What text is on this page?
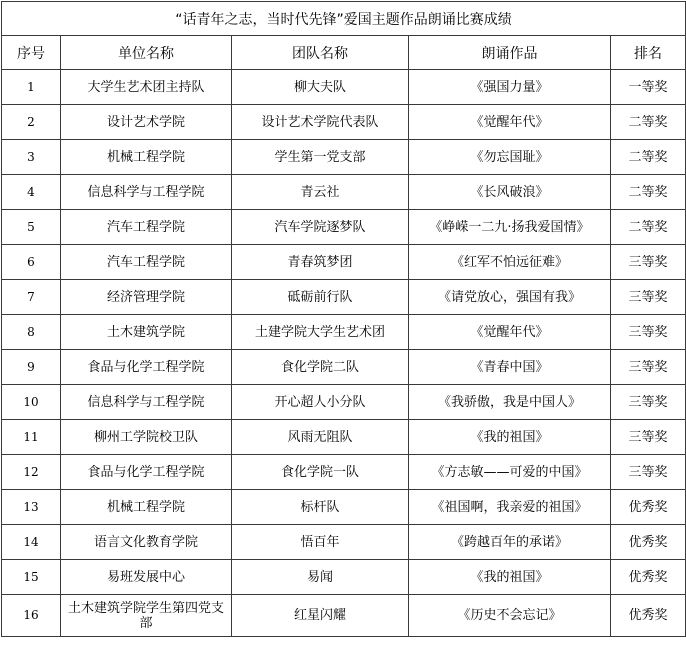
“话青年之志，当时代先锋”爱国主题作品朗诵比赛成绩				
序号	单位名称	团队名称	朗诵作品	排名
1	大学生艺术团主持队	柳大夫队	《强国力量》	一等奖
2	设计艺术学院	设计艺术学院代表队	《觉醒年代》	二等奖
3	机械工程学院	学生第一党支部	《勿忘国耻》	二等奖
4	信息科学与工程学院	青云社	《长风破浪》	二等奖
5	汽车工程学院	汽车学院逐梦队	《峥嵘一二九·扬我爱国情》	二等奖
6	汽车工程学院	青春筑梦团	《红军不怕远征难》	三等奖
7	经济管理学院	砥砺前行队	《请党放心，强国有我》	三等奖
8	土木建筑学院	土建学院大学生艺术团	《觉醒年代》	三等奖
9	食品与化学工程学院	食化学院二队	《青春中国》	三等奖
10	信息科学与工程学院	开心超人小分队	《我骄傲，我是中国人》	三等奖
11	柳州工学院校卫队	风雨无阻队	《我的祖国》	三等奖
12	食品与化学工程学院	食化学院一队	《方志敏——可爱的中国》	三等奖
13	机械工程学院	标杆队	《祖国啊，我亲爱的祖国》	优秀奖
14	语言文化教育学院	悟百年	《跨越百年的承诺》	优秀奖
15	易班发展中心	易闻	《我的祖国》	优秀奖
16	土木建筑学院学生第四党支部	红星闪耀	《历史不会忘记》	优秀奖
